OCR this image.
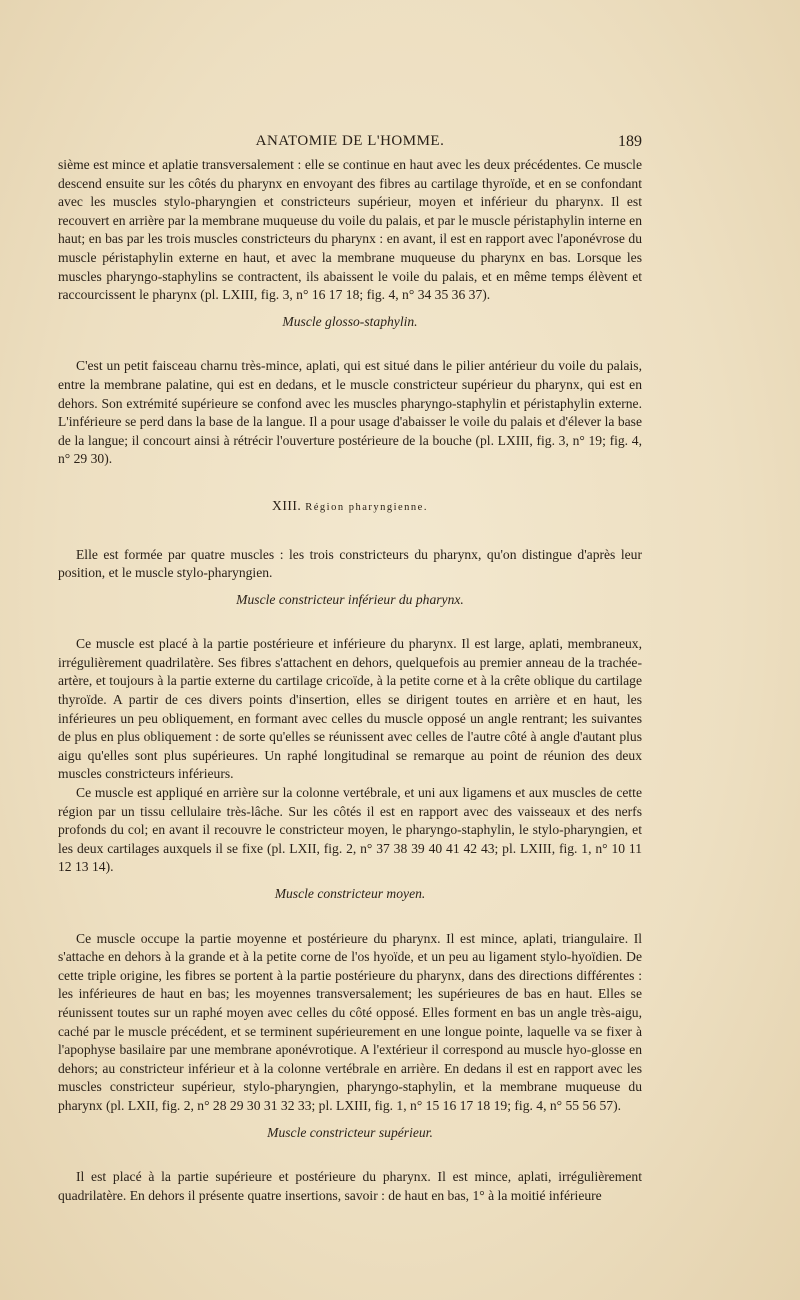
ANATOMIE DE L'HOMME.	189

sième est mince et aplatie transversalement : elle se continue en haut avec les deux précédentes. Ce muscle descend ensuite sur les côtés du pharynx en envoyant des fibres au cartilage thyroïde, et en se confondant avec les muscles stylo-pharyngien et constricteurs supérieur, moyen et inférieur du pharynx. Il est recouvert en arrière par la membrane muqueuse du voile du palais, et par le muscle péristaphylin interne en haut; en bas par les trois muscles constricteurs du pharynx : en avant, il est en rapport avec l'aponévrose du muscle péristaphylin externe en haut, et avec la membrane muqueuse du pharynx en bas. Lorsque les muscles pharyngo-staphylins se contractent, ils abaissent le voile du palais, et en même temps élèvent et raccourcissent le pharynx (pl. LXIII, fig. 3, n° 16 17 18; fig. 4, n° 34 35 36 37).

Muscle glosso-staphylin.

C'est un petit faisceau charnu très-mince, aplati, qui est situé dans le pilier antérieur du voile du palais, entre la membrane palatine, qui est en dedans, et le muscle constricteur supérieur du pharynx, qui est en dehors. Son extrémité supérieure se confond avec les muscles pharyngo-staphylin et péristaphylin externe. L'inférieure se perd dans la base de la langue. Il a pour usage d'abaisser le voile du palais et d'élever la base de la langue; il concourt ainsi à rétrécir l'ouverture postérieure de la bouche (pl. LXIII, fig. 3, n° 19; fig. 4, n° 29 30).

XIII. Région pharyngienne.

Elle est formée par quatre muscles : les trois constricteurs du pharynx, qu'on distingue d'après leur position, et le muscle stylo-pharyngien.

Muscle constricteur inférieur du pharynx.

Ce muscle est placé à la partie postérieure et inférieure du pharynx. Il est large, aplati, membraneux, irrégulièrement quadrilatère. Ses fibres s'attachent en dehors, quelquefois au premier anneau de la trachée-artère, et toujours à la partie externe du cartilage cricoïde, à la petite corne et à la crête oblique du cartilage thyroïde. A partir de ces divers points d'insertion, elles se dirigent toutes en arrière et en haut, les inférieures un peu obliquement, en formant avec celles du muscle opposé un angle rentrant; les suivantes de plus en plus obliquement : de sorte qu'elles se réunissent avec celles de l'autre côté à angle d'autant plus aigu qu'elles sont plus supérieures. Un raphé longitudinal se remarque au point de réunion des deux muscles constricteurs inférieurs.

Ce muscle est appliqué en arrière sur la colonne vertébrale, et uni aux ligamens et aux muscles de cette région par un tissu cellulaire très-lâche. Sur les côtés il est en rapport avec des vaisseaux et des nerfs profonds du col; en avant il recouvre le constricteur moyen, le pharyngo-staphylin, le stylo-pharyngien, et les deux cartilages auxquels il se fixe (pl. LXII, fig. 2, n° 37 38 39 40 41 42 43; pl. LXIII, fig. 1, n° 10 11 12 13 14).

Muscle constricteur moyen.

Ce muscle occupe la partie moyenne et postérieure du pharynx. Il est mince, aplati, triangulaire. Il s'attache en dehors à la grande et à la petite corne de l'os hyoïde, et un peu au ligament stylo-hyoïdien. De cette triple origine, les fibres se portent à la partie postérieure du pharynx, dans des directions différentes : les inférieures de haut en bas; les moyennes transversalement; les supérieures de bas en haut. Elles se réunissent toutes sur un raphé moyen avec celles du côté opposé. Elles forment en bas un angle très-aigu, caché par le muscle précédent, et se terminent supérieurement en une longue pointe, laquelle va se fixer à l'apophyse basilaire par une membrane aponévrotique. A l'extérieur il correspond au muscle hyo-glosse en dehors; au constricteur inférieur et à la colonne vertébrale en arrière. En dedans il est en rapport avec les muscles constricteur supérieur, stylo-pharyngien, pharyngo-staphylin, et la membrane muqueuse du pharynx (pl. LXII, fig. 2, n° 28 29 30 31 32 33; pl. LXIII, fig. 1, n° 15 16 17 18 19; fig. 4, n° 55 56 57).

Muscle constricteur supérieur.

Il est placé à la partie supérieure et postérieure du pharynx. Il est mince, aplati, irrégulièrement quadrilatère. En dehors il présente quatre insertions, savoir : de haut en bas, 1° à la moitié inférieure
